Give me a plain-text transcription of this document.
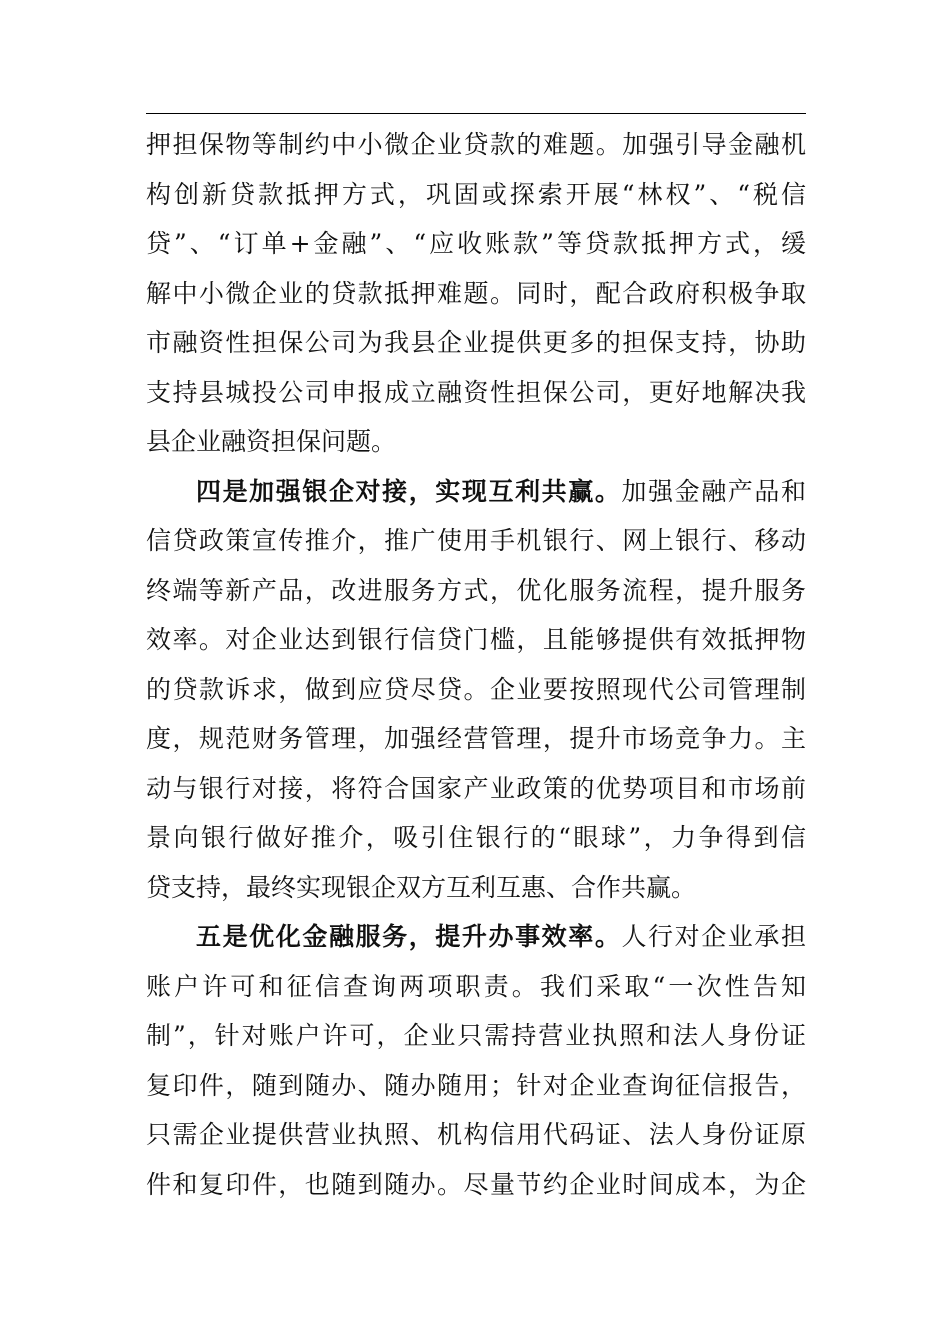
押担保物等制约中小微企业贷款的难题。加强引导金融机
构创新贷款抵押方式，巩固或探索开展“林权”、“税信
贷”、“订单+金融”、“应收账款”等贷款抵押方式，缓
解中小微企业的贷款抵押难题。同时，配合政府积极争取
市融资性担保公司为我县企业提供更多的担保支持，协助
支持县城投公司申报成立融资性担保公司，更好地解决我
县企业融资担保问题。
四是加强银企对接，实现互利共赢。加强金融产品和
信贷政策宣传推介，推广使用手机银行、网上银行、移动
终端等新产品，改进服务方式，优化服务流程，提升服务
效率。对企业达到银行信贷门槛，且能够提供有效抵押物
的贷款诉求，做到应贷尽贷。企业要按照现代公司管理制
度，规范财务管理，加强经营管理，提升市场竞争力。主
动与银行对接，将符合国家产业政策的优势项目和市场前
景向银行做好推介，吸引住银行的“眼球”，力争得到信
贷支持，最终实现银企双方互利互惠、合作共赢。
五是优化金融服务，提升办事效率。人行对企业承担
账户许可和征信查询两项职责。我们采取“一次性告知
制”，针对账户许可，企业只需持营业执照和法人身份证
复印件，随到随办、随办随用；针对企业查询征信报告，
只需企业提供营业执照、机构信用代码证、法人身份证原
件和复印件，也随到随办。尽量节约企业时间成本，为企
